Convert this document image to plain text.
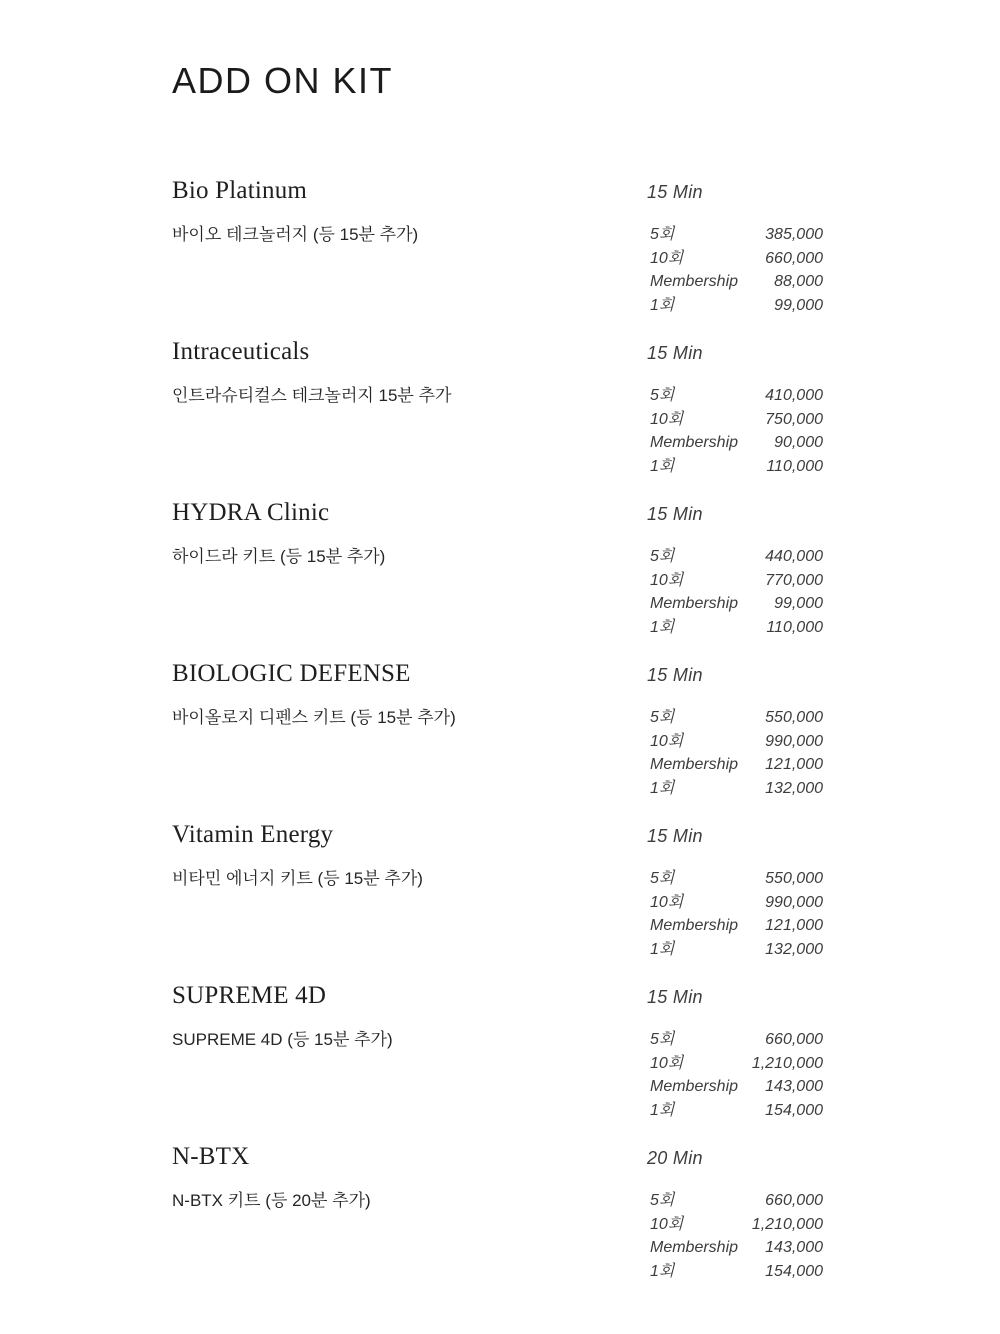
ADD ON KIT
Bio Platinum	15 Min

바이오 테크놀러지 (등 15분 추가)	5회	385,000
10회	660,000
Membership	88,000
1회	99,000
Intraceuticals	15 Min

인트라슈티컬스 테크놀러지 15분 추가	5회	410,000
10회	750,000
Membership	90,000
1회	110,000
HYDRA Clinic	15 Min

하이드라 키트 (등 15분 추가)	5회	440,000
10회	770,000
Membership	99,000
1회	110,000
BIOLOGIC DEFENSE	15 Min

바이올로지 디펜스 키트 (등 15분 추가)	5회	550,000
10회	990,000
Membership	121,000
1회	132,000
Vitamin Energy	15 Min

비타민 에너지 키트 (등 15분 추가)	5회	550,000
10회	990,000
Membership	121,000
1회	132,000
SUPREME 4D	15 Min

SUPREME 4D (등 15분 추가)	5회	660,000
10회	1,210,000
Membership	143,000
1회	154,000
N-BTX	20 Min

N-BTX 키트 (등 20분 추가)	5회	660,000
10회	1,210,000
Membership	143,000
1회	154,000
